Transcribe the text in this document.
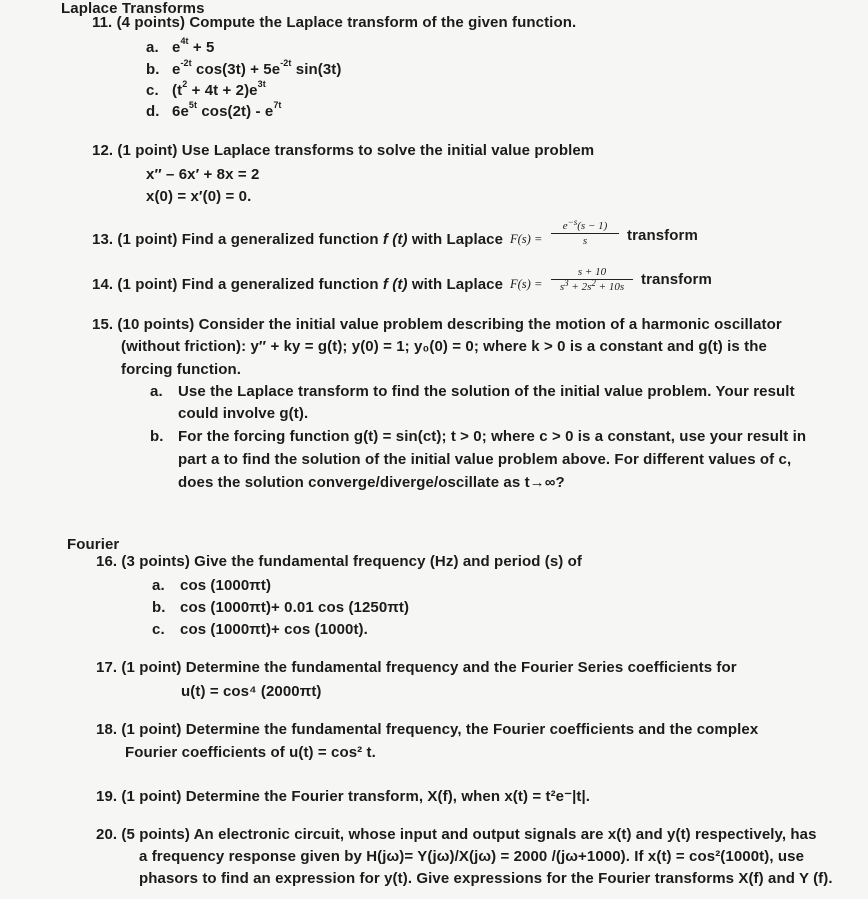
Laplace Transforms
11. (4 points) Compute the Laplace transform of the given function.
a. $e^{4t} + 5$
b. $e^{-2t}$ $\cos(3t) + 5e^{-2t}$ sin(3t)
c. $(t^2 + 4t + 2)e^{3t}$
d. $6e^{5t}$ $\cos(2t) - e^{7t}$
12. (1 point) Use Laplace transforms to solve the initial value problem
x″ – 6x′ + 8x = 2
x(0) = x′(0) = 0.
13. (1 point) Find a generalized function f (t) with Laplace $F(s) = \frac{e^{-s}(s - 1)}{s}$ transform
14. (1 point) Find a generalized function f (t) with Laplace $F(s) = \frac{s + 10}{s^3 + 2s^2 + 10s}$ transform
15. (10 points) Consider the initial value problem describing the motion of a harmonic oscillator
(without friction): y″ + ky = g(t); y(0) = 1; y₀(0) = 0; where k > 0 is a constant and g(t) is the
forcing function.
a. Use the Laplace transform to find the solution of the initial value problem. Your result
could involve g(t).
b. For the forcing function g(t) = sin(ct); t > 0; where c > 0 is a constant, use your result in
part a to find the solution of the initial value problem above. For different values of c,
does the solution converge/diverge/oscillate as t→∞?
Fourier
16. (3 points) Give the fundamental frequency (Hz) and period (s) of
a. cos (1000πt)
b. cos (1000πt)+ 0.01 cos (1250πt)
c. cos (1000πt)+ cos (1000t).
17. (1 point) Determine the fundamental frequency and the Fourier Series coefficients for
u(t) = cos⁴ (2000πt)
18. (1 point) Determine the fundamental frequency, the Fourier coefficients and the complex
Fourier coefficients of u(t) = cos² t.
19. (1 point) Determine the Fourier transform, X(f), when x(t) = t²e⁻|t|.
20. (5 points) An electronic circuit, whose input and output signals are x(t) and y(t) respectively, has
a frequency response given by H(jω)= Y(jω)/X(jω) = 2000 /(jω+1000). If x(t) = cos²(1000t), use
phasors to find an expression for y(t). Give expressions for the Fourier transforms X(f) and Y (f).
